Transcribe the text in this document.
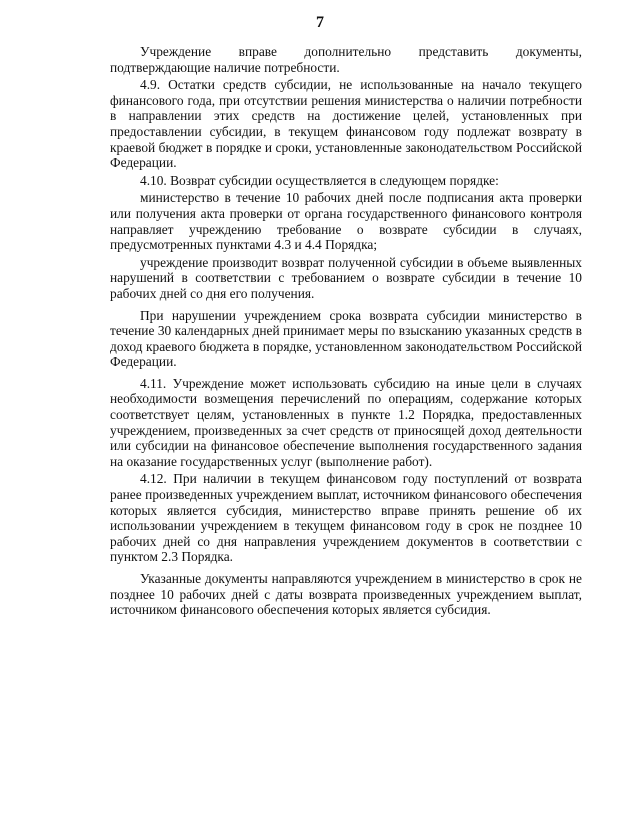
7

Учреждение вправе дополнительно представить документы, подтверждающие наличие потребности.

4.9. Остатки средств субсидии, не использованные на начало текущего финансового года, при отсутствии решения министерства о наличии потребности в направлении этих средств на достижение целей, установленных при предоставлении субсидии, в текущем финансовом году подлежат возврату в краевой бюджет в порядке и сроки, установленные законодательством Российской Федерации.

4.10. Возврат субсидии осуществляется в следующем порядке:

министерство в течение 10 рабочих дней после подписания акта проверки или получения акта проверки от органа государственного финансового контроля направляет учреждению требование о возврате субсидии в случаях, предусмотренных пунктами 4.3 и 4.4 Порядка;

учреждение производит возврат полученной субсидии в объеме выявленных нарушений в соответствии с требованием о возврате субсидии в течение 10 рабочих дней со дня его получения.

При нарушении учреждением срока возврата субсидии министерство в течение 30 календарных дней принимает меры по взысканию указанных средств в доход краевого бюджета в порядке, установленном законодательством Российской Федерации.

4.11. Учреждение может использовать субсидию на иные цели в случаях необходимости возмещения перечислений по операциям, содержание которых соответствует целям, установленных в пункте 1.2 Порядка, предоставленных учреждением, произведенных за счет средств от приносящей доход деятельности или субсидии на финансовое обеспечение выполнения государственного задания на оказание государственных услуг (выполнение работ).

4.12. При наличии в текущем финансовом году поступлений от возврата ранее произведенных учреждением выплат, источником финансового обеспечения которых является субсидия, министерство вправе принять решение об их использовании учреждением в текущем финансовом году в срок не позднее 10 рабочих дней со дня направления учреждением документов в соответствии с пунктом 2.3 Порядка.

Указанные документы направляются учреждением в министерство в срок не позднее 10 рабочих дней с даты возврата произведенных учреждением выплат, источником финансового обеспечения которых является субсидия.
